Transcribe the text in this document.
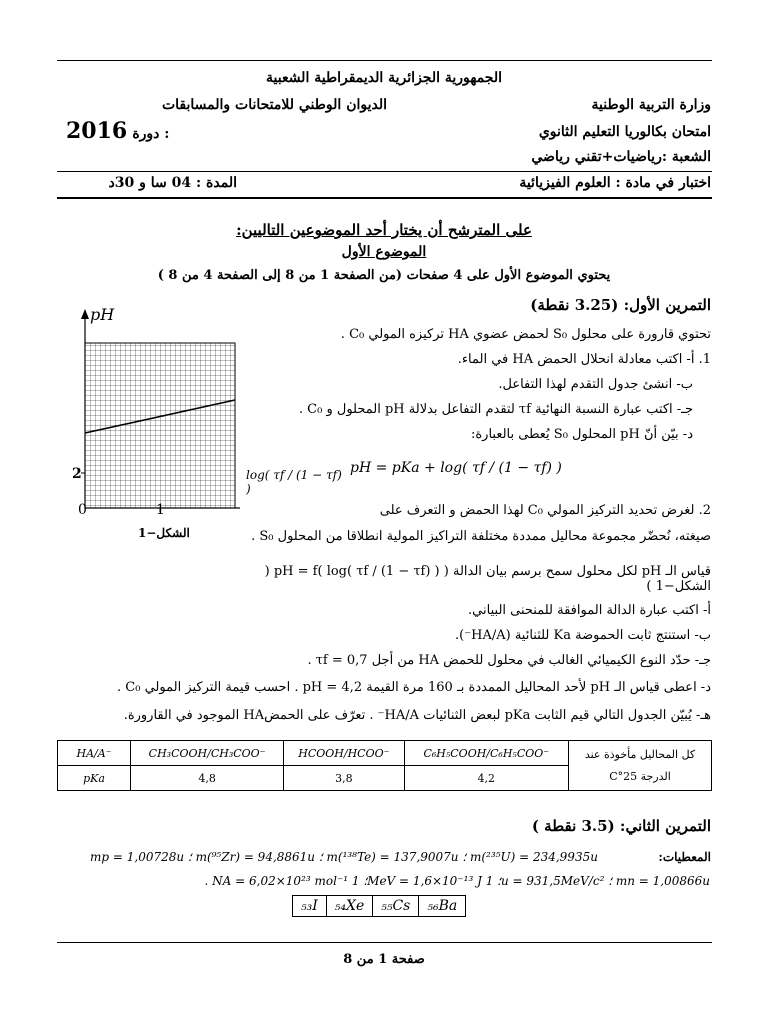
الجمهورية الجزائرية الديمقراطية الشعبية
وزارة التربية الوطنية
الديوان الوطني للامتحانات والمسابقات
امتحان بكالوريا التعليم الثانوي
2016 دورة :
الشعبة :رياضيات+تقني رياضي
اختبار في مادة : العلوم الفيزيائية
المدة : 04 سا و 30د
على المترشح أن يختار أحد الموضوعين التاليين:
الموضوع الأول
يحتوي الموضوع الأول على 4 صفحات (من الصفحة 1 من 8 إلى الصفحة 4 من 8 )
التمرين الأول: (3.25 نقطة)
pH
2
0	1
log( τf / (1 − τf) )
الشكل−1
تحتوي قارورة على محلول S₀ لحمض عضوي HA تركيزه المولي C₀ .
1. أ- اكتب معادلة انحلال الحمض HA في الماء.
ب- انشئ جدول التقدم لهذا التفاعل.
جـ- اكتب عبارة النسبة النهائية τf لتقدم التفاعل بدلالة pH المحلول و C₀ .
د- بيّن أنّ pH المحلول S₀ يُعطى بالعبارة:
pH = pKa + log( τf / (1 − τf) )
2. لغرض تحديد التركيز المولي C₀ لهذا الحمض و التعرف على
صيغته، نُحضّر مجموعة محاليل ممددة مختلفة التراكيز المولية انطلاقا من المحلول S₀ .
قياس الـ pH لكل محلول سمح برسم بيان الدالة pH = f( log( τf / (1 − τf) ) ) ( الشكل−1 )
أ- اكتب عبارة الدالة الموافقة للمنحنى البياني.
ب- استنتج ثابت الحموضة Ka للثنائية (HA/A⁻).
جـ- حدّد النوع الكيميائي الغالب في محلول للحمض HA من أجل τf = 0,7 .
د- اعطى قياس الـ pH لأحد المحاليل الممددة بـ 160 مرة القيمة pH = 4,2 . احسب قيمة التركيز المولي C₀ .
هـ- يُبيّن الجدول التالي قيم الثابت pKa لبعض الثنائيات HA/A⁻ . تعرّف على الحمضHA الموجود في القارورة.
HA/A⁻	CH₃COOH/CH₃COO⁻	HCOOH/HCOO⁻	C₆H₅COOH/C₆H₅COO⁻	كل المحاليل مأخوذة عند
الدرجة 25°C

pKa	4,8	3,8	4,2	
التمرين الثاني: (3.5 نقطة )
المعطيات:
mp = 1,00728u ؛ m(⁹⁵Zr) = 94,8861u ؛ m(¹³⁸Te) = 137,9007u ؛ m(²³⁵U) = 234,9935u
. NA = 6,02×10²³ mol⁻¹ ؛ 1MeV = 1,6×10⁻¹³ J ؛ 1u = 931,5MeV/c² ؛ mn = 1,00866u
₅₃I	₅₄Xe	₅₅Cs	₅₆Ba
صفحة 1 من 8
